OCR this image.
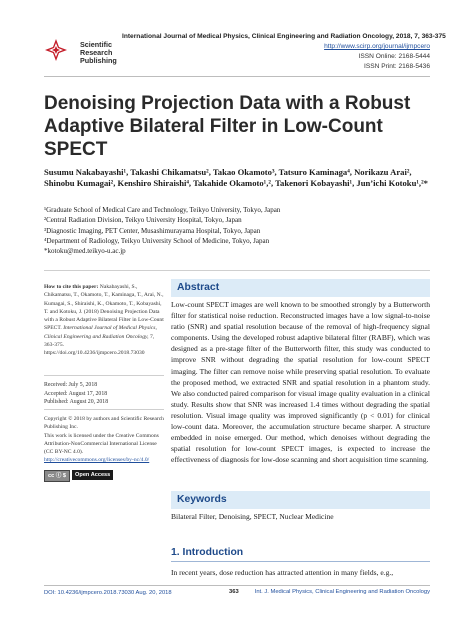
Scientific
Research
Publishing
International Journal of Medical Physics, Clinical Engineering and Radiation Oncology, 2018, 7, 363-375
http://www.scirp.org/journal/ijmpcero
ISSN Online: 2168-5444
ISSN Print: 2168-5436
Denoising Projection Data with a Robust Adaptive Bilateral Filter in Low-Count SPECT
Susumu Nakabayashi¹, Takashi Chikamatsu², Takao Okamoto³, Tatsuro Kaminaga⁴, Norikazu Arai², Shinobu Kumagai², Kenshiro Shiraishi⁴, Takahide Okamoto¹,², Takenori Kobayashi¹, Jun’ichi Kotoku¹,²*
¹Graduate School of Medical Care and Technology, Teikyo University, Tokyo, Japan
²Central Radiation Division, Teikyo University Hospital, Tokyo, Japan
³Diagnostic Imaging, PET Center, Musashimurayama Hospital, Tokyo, Japan
⁴Department of Radiology, Teikyo University School of Medicine, Tokyo, Japan
*kotoku@med.teikyo-u.ac.jp
How to cite this paper: Nakabayashi, S., Chikamatsu, T., Okamoto, T., Kaminaga, T., Arai, N., Kumagai, S., Shiraishi, K., Okamoto, T., Kobayashi, T. and Kotoku, J. (2018) Denoising Projection Data with a Robust Adaptive Bilateral Filter in Low-Count SPECT. International Journal of Medical Physics, Clinical Engineering and Radiation Oncology, 7, 363-375. https://doi.org/10.4236/ijmpcero.2018.73030
Received: July 5, 2018
Accepted: August 17, 2018
Published: August 20, 2018
Copyright © 2018 by authors and Scientific Research Publishing Inc.
This work is licensed under the Creative Commons Attribution-NonCommercial International License (CC BY-NC 4.0).
http://creativecommons.org/licenses/by-nc/4.0/
cc ⓘ $	Open Access
Abstract
Low-count SPECT images are well known to be smoothed strongly by a Butterworth filter for statistical noise reduction. Reconstructed images have a low signal-to-noise ratio (SNR) and spatial resolution because of the removal of high-frequency signal components. Using the developed robust adaptive bilateral filter (RABF), which was designed as a pre-stage filter of the Butterworth filter, this study was conducted to improve SNR without degrading the spatial resolution for low-count SPECT imaging. The filter can remove noise while preserving spatial resolution. To evaluate the proposed method, we extracted SNR and spatial resolution in a phantom study. We also conducted paired comparison for visual image quality evaluation in a clinical study. Results show that SNR was increased 1.4 times without degrading the spatial resolution. Visual image quality was improved significantly (p < 0.01) for clinical low-count data. Moreover, the accumulation structure became sharper. A structure embedded in noise emerged. Our method, which denoises without degrading the spatial resolution for low-count SPECT images, is expected to increase the effectiveness of diagnosis for low-dose scanning and short acquisition time scanning.
Keywords
Bilateral Filter, Denoising, SPECT, Nuclear Medicine
1. Introduction
In recent years, dose reduction has attracted attention in many fields, e.g.,
DOI: 10.4236/ijmpcero.2018.73030 Aug. 20, 2018	363	Int. J. Medical Physics, Clinical Engineering and Radiation Oncology
